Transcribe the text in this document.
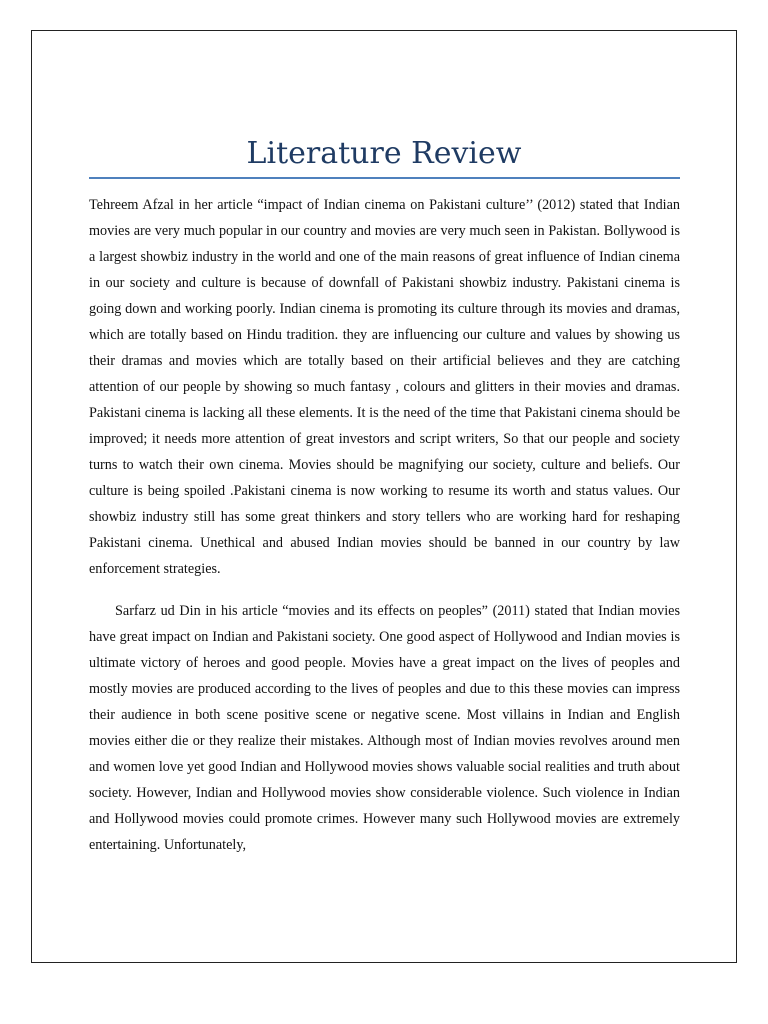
Literature Review

Tehreem Afzal in her article “impact of Indian cinema on Pakistani culture’’ (2012) stated that Indian movies are very much popular in our country and movies are very much seen in Pakistan. Bollywood is a largest showbiz industry in the world and one of the main reasons of great influence of Indian cinema in our society and culture is because of downfall of Pakistani showbiz industry. Pakistani cinema is going down and working poorly. Indian cinema is promoting its culture through its movies and dramas, which are totally based on Hindu tradition. they are influencing our culture and values by showing us their dramas and movies which are totally based on their artificial believes and they are catching attention of our people by showing so much fantasy , colours and glitters in their movies and dramas. Pakistani cinema is lacking all these elements. It is the need of the time that Pakistani cinema should be improved; it needs more attention of great investors and script writers, So that our people and society turns to watch their own cinema. Movies should be magnifying our society, culture and beliefs. Our culture is being spoiled .Pakistani cinema is now working to resume its worth and status values. Our showbiz industry still has some great thinkers and story tellers who are working hard for reshaping Pakistani cinema. Unethical and abused Indian movies should be banned in our country by law enforcement strategies.

Sarfarz ud Din in his article “movies and its effects on peoples” (2011) stated that Indian movies have great impact on Indian and Pakistani society. One good aspect of Hollywood and Indian movies is ultimate victory of heroes and good people. Movies have a great impact on the lives of peoples and mostly movies are produced according to the lives of peoples and due to this these movies can impress their audience in both scene positive scene or negative scene. Most villains in Indian and English movies either die or they realize their mistakes. Although most of Indian movies revolves around men and women love yet good Indian and Hollywood movies shows valuable social realities and truth about society. However, Indian and Hollywood movies show considerable violence. Such violence in Indian and Hollywood movies could promote crimes. However many such Hollywood movies are extremely entertaining. Unfortunately,
